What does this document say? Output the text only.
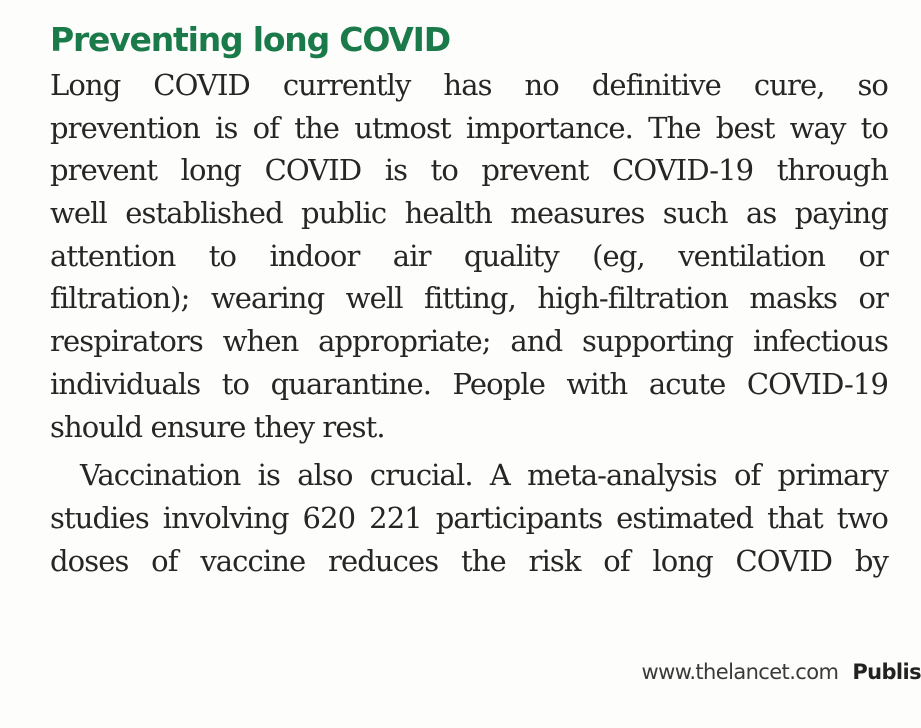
Preventing long COVID
Long COVID currently has no definitive cure, so
prevention is of the utmost importance. The best way to
prevent long COVID is to prevent COVID-19 through
well established public health measures such as paying
attention to indoor air quality (eg, ventilation or
filtration); wearing well fitting, high-filtration masks or
respirators when appropriate; and supporting infectious
individuals to quarantine. People with acute COVID-19
should ensure they rest.
Vaccination is also crucial. A meta-analysis of primary
studies involving 620 221 participants estimated that two
doses of vaccine reduces the risk of long COVID by
www.thelancet.com Publis
